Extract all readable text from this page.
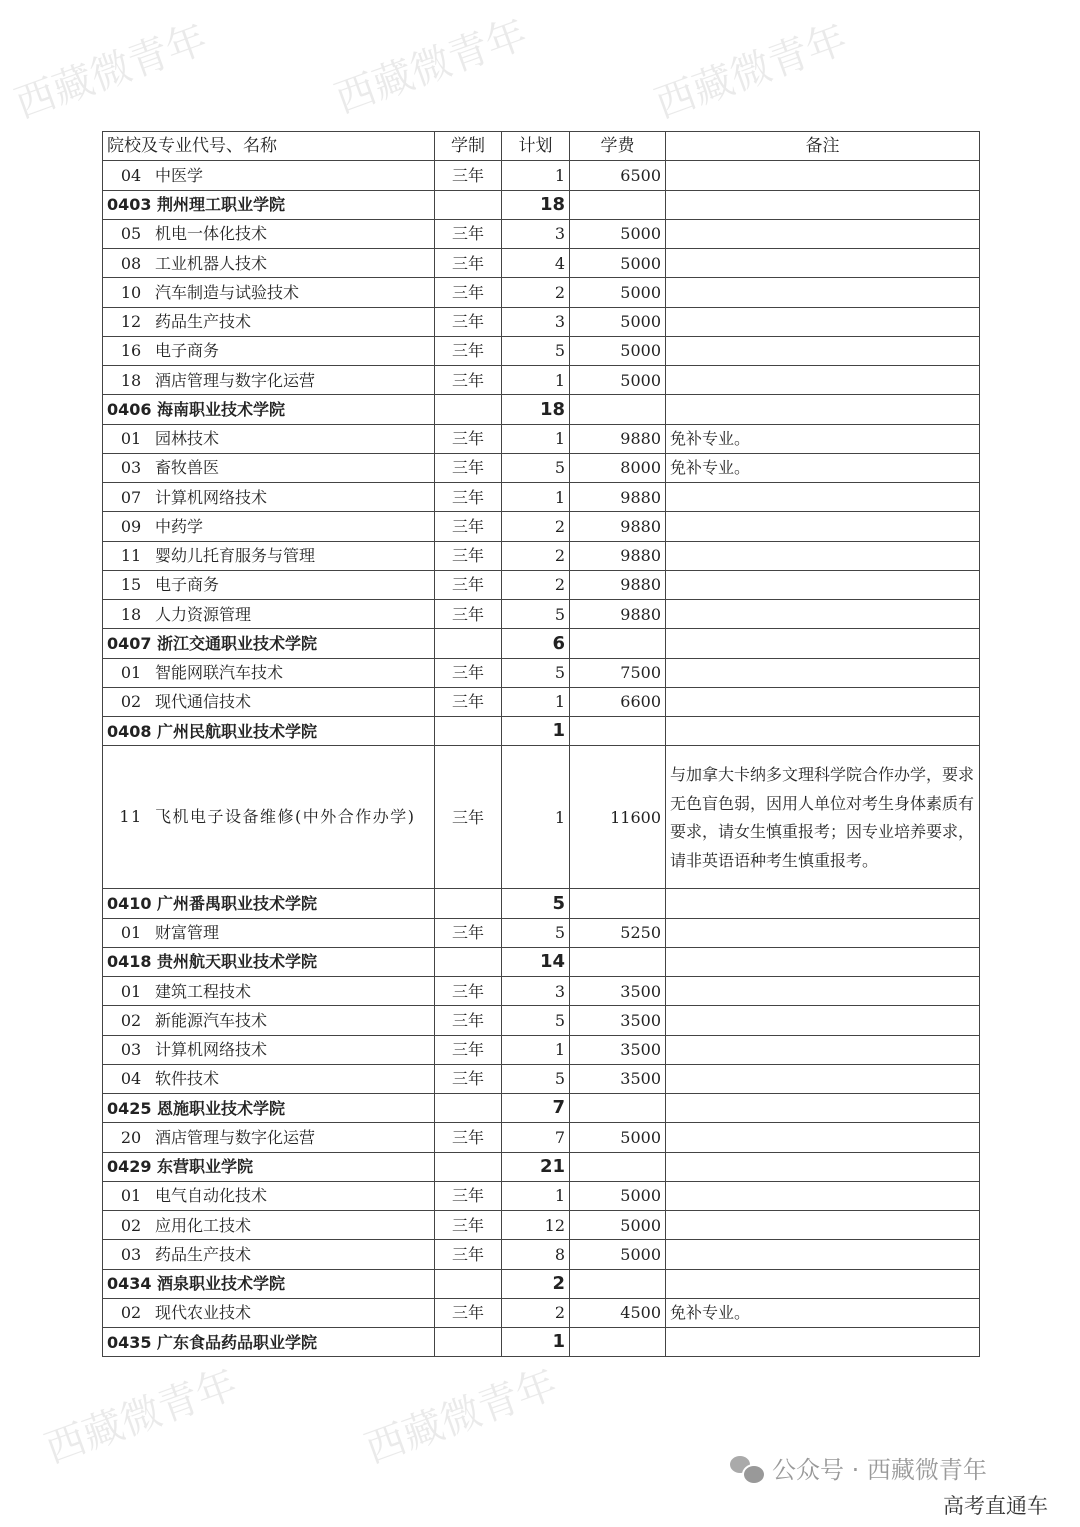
西藏微青年	西藏微青年	西藏微青年
西藏微青年	西藏微青年
院校及专业代号、名称	学制	计划	学费	备注
04 中医学	三年	1	6500	
0403 荆州理工职业学院		18		
05 机电一体化技术	三年	3	5000	
08 工业机器人技术	三年	4	5000	
10 汽车制造与试验技术	三年	2	5000	
12 药品生产技术	三年	3	5000	
16 电子商务	三年	5	5000	
18 酒店管理与数字化运营	三年	1	5000	
0406 海南职业技术学院		18		
01 园林技术	三年	1	9880	免补专业。
03 畜牧兽医	三年	5	8000	免补专业。
07 计算机网络技术	三年	1	9880	
09 中药学	三年	2	9880	
11 婴幼儿托育服务与管理	三年	2	9880	
15 电子商务	三年	2	9880	
18 人力资源管理	三年	5	9880	
0407 浙江交通职业技术学院		6		
01 智能网联汽车技术	三年	5	7500	
02 现代通信技术	三年	1	6600	
0408 广州民航职业技术学院		1		
11 飞机电子设备维修(中外合作办学)	三年	1	11600	与加拿大卡纳多文理科学院合作办学，要求无色盲色弱，因用人单位对考生身体素质有要求，请女生慎重报考；因专业培养要求，请非英语语种考生慎重报考。
0410 广州番禺职业技术学院		5		
01 财富管理	三年	5	5250	
0418 贵州航天职业技术学院		14		
01 建筑工程技术	三年	3	3500	
02 新能源汽车技术	三年	5	3500	
03 计算机网络技术	三年	1	3500	
04 软件技术	三年	5	3500	
0425 恩施职业技术学院		7		
20 酒店管理与数字化运营	三年	7	5000	
0429 东营职业学院		21		
01 电气自动化技术	三年	1	5000	
02 应用化工技术	三年	12	5000	
03 药品生产技术	三年	8	5000	
0434 酒泉职业技术学院		2		
02 现代农业技术	三年	2	4500	免补专业。
0435 广东食品药品职业学院		1		
公众号 · 西藏微青年
高考直通车
